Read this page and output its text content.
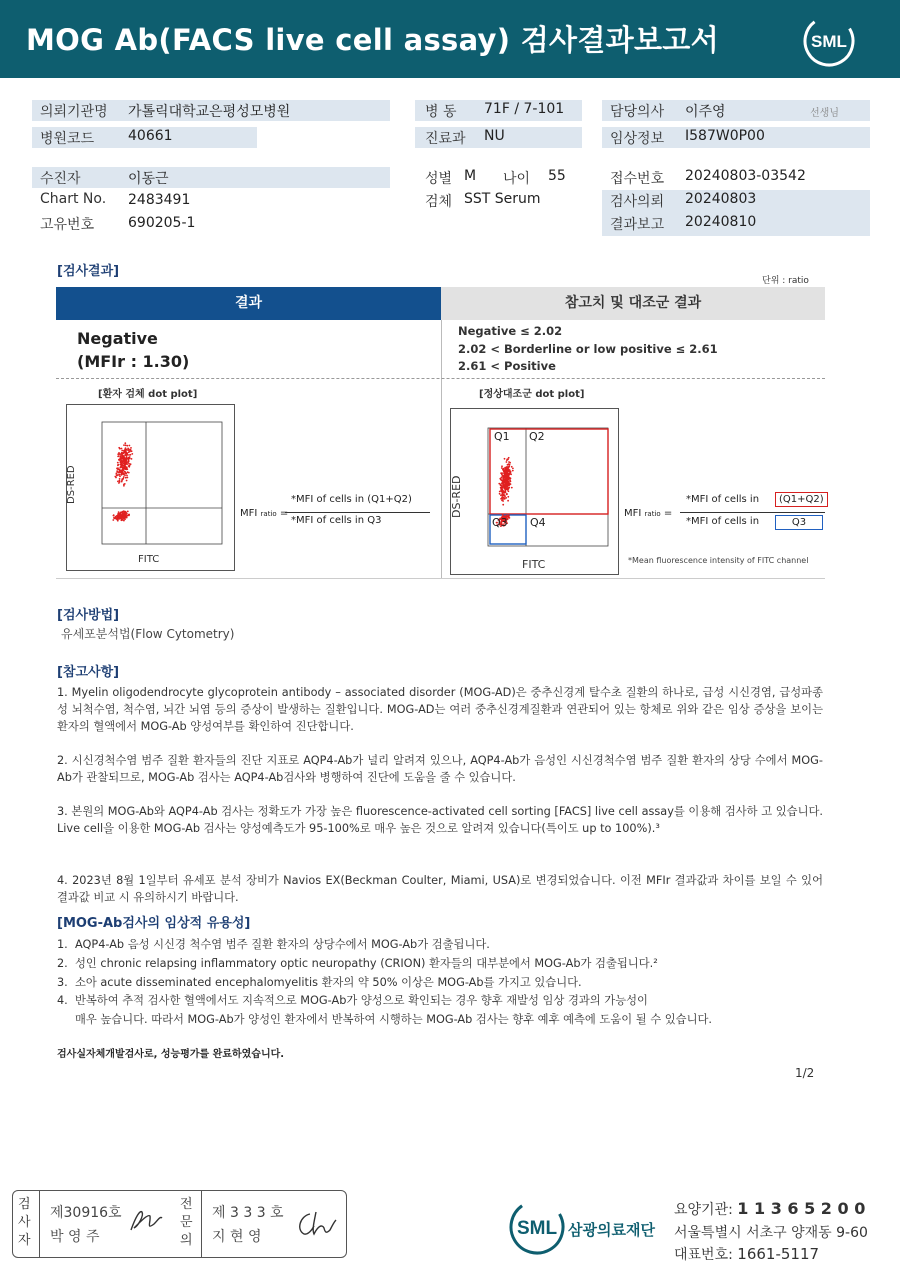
MOG Ab(FACS live cell assay) 검사결과보고서	SML
의뢰기관명 가톨릭대학교은평성모병원
병원코드 40661
병 동 71F / 7-101
진료과 NU
담당의사 이주영	선생님
임상정보 I587W0P00
수진자	이동근
Chart No. 2483491
고유번호 690205-1
성별 M 나이 55
검체 SST Serum
접수번호 20240803-03542
검사의뢰 20240803
결과보고 20240810
[검사결과]
단위 : ratio
결과	참고치 및 대조군 결과
Negative
(MFIr : 1.30)
Negative ≤ 2.02
2.02 < Borderline or low positive ≤ 2.61
2.61 < Positive
[환자 검체 dot plot]	[정상대조군 dot plot]
DS-RED
FITC
MFI ratio =
*MFI of cells in (Q1+Q2)
*MFI of cells in Q3
Q1 Q2
Q3 Q4
DS-RED
FITC
MFI ratio =
*MFI of cells in	(Q1+Q2)
*MFI of cells in	Q3
*Mean fluorescence intensity of FITC channel
[검사방법]
유세포분석법(Flow Cytometry)
[참고사항]
1. Myelin oligodendrocyte glycoprotein antibody – associated disorder (MOG-AD)은 중추신경계 탈수초 질환의 하나로, 급성 시신경염, 급성파종성 뇌척수염, 척수염, 뇌간 뇌염 등의 증상이 발생하는 질환입니다. MOG-AD는 여러 중추신경계질환과 연관되어 있는 항체로 위와 같은 임상 증상을 보이는 환자의 혈액에서 MOG-Ab 양성여부를 확인하여 진단합니다.
2. 시신경척수염 범주 질환 환자들의 진단 지표로 AQP4-Ab가 널리 알려져 있으나, AQP4-Ab가 음성인 시신경척수염 범주 질환 환자의 상당 수에서 MOG-Ab가 관찰되므로, MOG-Ab 검사는 AQP4-Ab검사와 병행하여 진단에 도움을 줄 수 있습니다.
3. 본원의 MOG-Ab와 AQP4-Ab 검사는 정확도가 가장 높은 fluorescence-activated cell sorting [FACS] live cell assay를 이용해 검사하 고 있습니다. Live cell을 이용한 MOG-Ab 검사는 양성예측도가 95-100%로 매우 높은 것으로 알려져 있습니다(특이도 up to 100%).³
4. 2023년 8월 1일부터 유세포 분석 장비가 Navios EX(Beckman Coulter, Miami, USA)로 변경되었습니다. 이전 MFIr 결과값과 차이를 보일 수 있어 결과값 비교 시 유의하시기 바랍니다.
[MOG-Ab검사의 임상적 유용성]
1.  AQP4-Ab 음성 시신경 척수염 범주 질환 환자의 상당수에서 MOG-Ab가 검출됩니다.
2.  성인 chronic relapsing inflammatory optic neuropathy (CRION) 환자들의 대부분에서 MOG-Ab가 검출됩니다.²
3.  소아 acute disseminated encephalomyelitis 환자의 약 50% 이상은 MOG-Ab를 가지고 있습니다.
4.  반복하여 추적 검사한 혈액에서도 지속적으로 MOG-Ab가 양성으로 확인되는 경우 향후 재발성 임상 경과의 가능성이
매우 높습니다. 따라서 MOG-Ab가 양성인 환자에서 반복하여 시행하는 MOG-Ab 검사는 향후 예후 예측에 도움이 될 수 있습니다.
검사실자체개발검사로, 성능평가를 완료하였습니다.
1/2
검사자
제30916호
박 영 주
전문의
제 3 3 3 호
지 현 영	SML 삼광의료재단
요양기관: 1 1 3 6 5 2 0 0
서울특별시 서초구 양재동 9-60
대표번호: 1661-5117
